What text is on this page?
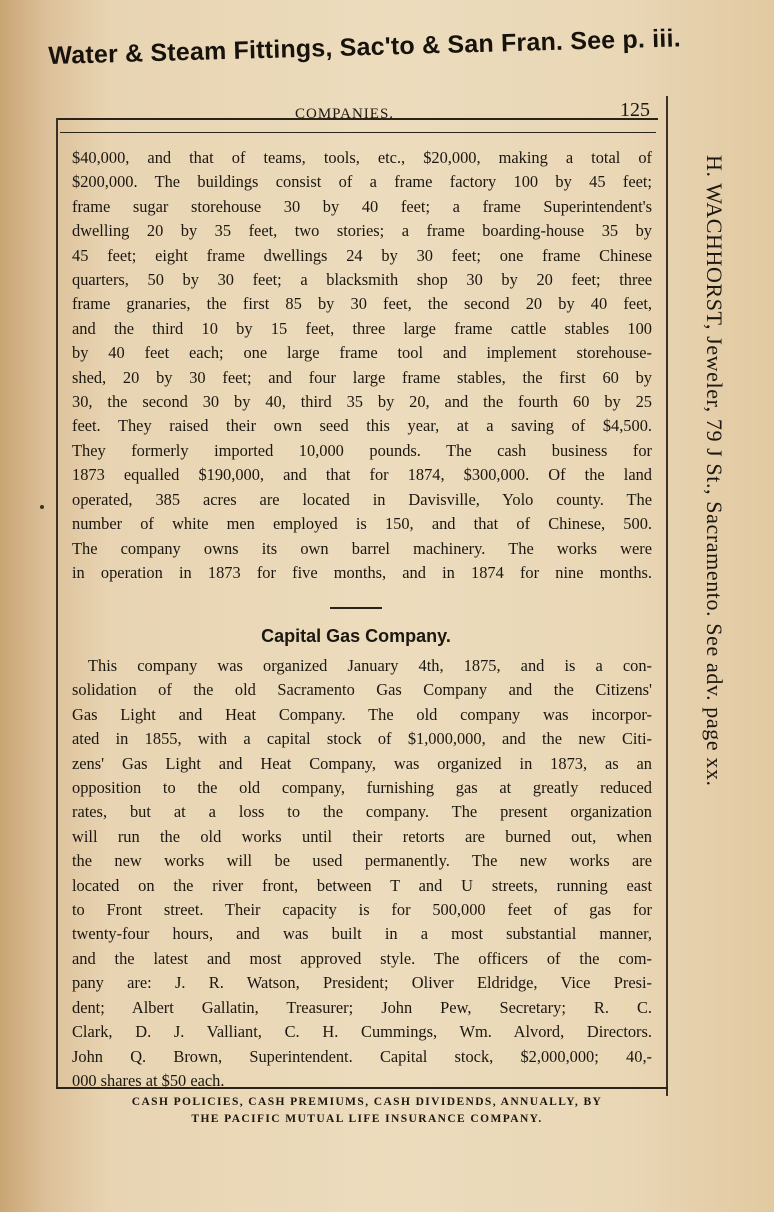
Water & Steam Fittings, Sac'to & San Fran. See p. iii.
COMPANIES.	125
$40,000, and that of teams, tools, etc., $20,000, making a total of
$200,000. The buildings consist of a frame factory 100 by 45 feet;
frame sugar storehouse 30 by 40 feet; a frame Superintendent's
dwelling 20 by 35 feet, two stories; a frame boarding-house 35 by
45 feet; eight frame dwellings 24 by 30 feet; one frame Chinese
quarters, 50 by 30 feet; a blacksmith shop 30 by 20 feet; three
frame granaries, the first 85 by 30 feet, the second 20 by 40 feet,
and the third 10 by 15 feet, three large frame cattle stables 100
by 40 feet each; one large frame tool and implement storehouse-
shed, 20 by 30 feet; and four large frame stables, the first 60 by
30, the second 30 by 40, third 35 by 20, and the fourth 60 by 25
feet. They raised their own seed this year, at a saving of $4,500.
They formerly imported 10,000 pounds. The cash business for
1873 equalled $190,000, and that for 1874, $300,000. Of the land
operated, 385 acres are located in Davisville, Yolo county. The
number of white men employed is 150, and that of Chinese, 500.
The company owns its own barrel machinery. The works were
in operation in 1873 for five months, and in 1874 for nine months.
Capital Gas Company.
This company was organized January 4th, 1875, and is a con-
solidation of the old Sacramento Gas Company and the Citizens'
Gas Light and Heat Company. The old company was incorpor-
ated in 1855, with a capital stock of $1,000,000, and the new Citi-
zens' Gas Light and Heat Company, was organized in 1873, as an
opposition to the old company, furnishing gas at greatly reduced
rates, but at a loss to the company. The present organization
will run the old works until their retorts are burned out, when
the new works will be used permanently. The new works are
located on the river front, between T and U streets, running east
to Front street. Their capacity is for 500,000 feet of gas for
twenty-four hours, and was built in a most substantial manner,
and the latest and most approved style. The officers of the com-
pany are: J. R. Watson, President; Oliver Eldridge, Vice Presi-
dent; Albert Gallatin, Treasurer; John Pew, Secretary; R. C.
Clark, D. J. Valliant, C. H. Cummings, Wm. Alvord, Directors.
John Q. Brown, Superintendent. Capital stock, $2,000,000; 40,-
000 shares at $50 each.
H. WACHHORST, Jeweler, 79 J St., Sacramento. See adv. page xx.
CASH POLICIES, CASH PREMIUMS, CASH DIVIDENDS, ANNUALLY, BY
THE PACIFIC MUTUAL LIFE INSURANCE COMPANY.
